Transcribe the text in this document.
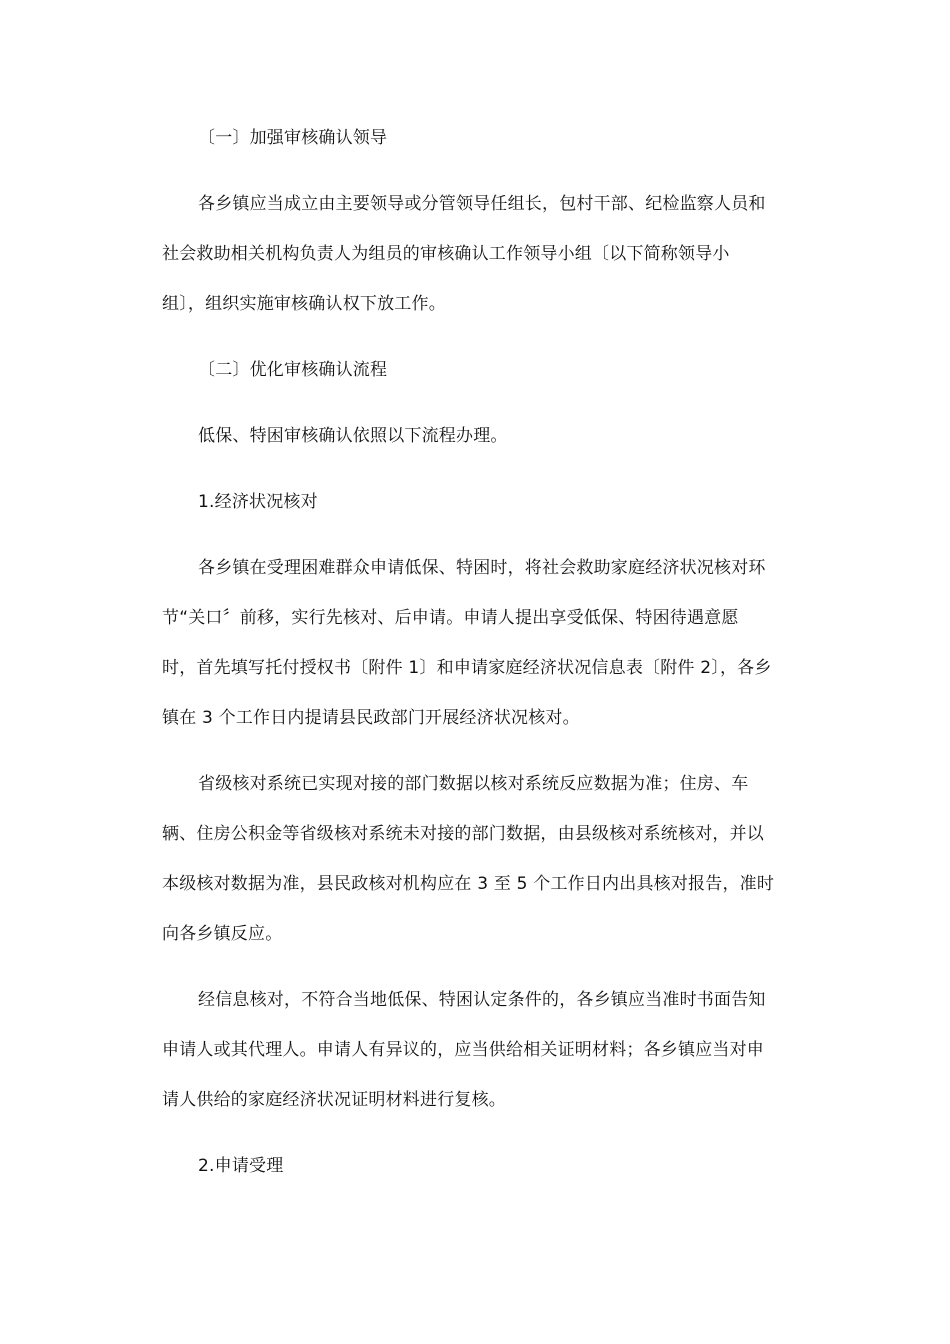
〔一〕加强审核确认领导
各乡镇应当成立由主要领导或分管领导任组长，包村干部、纪检监察人员和
社会救助相关机构负责人为组员的审核确认工作领导小组〔以下简称领导小
组〕，组织实施审核确认权下放工作。
〔二〕优化审核确认流程
低保、特困审核确认依照以下流程办理。
1.经济状况核对
各乡镇在受理困难群众申请低保、特困时，将社会救助家庭经济状况核对环
节“关口〞前移，实行先核对、后申请。申请人提出享受低保、特困待遇意愿
时，首先填写托付授权书〔附件 1〕和申请家庭经济状况信息表〔附件 2〕，各乡
镇在 3 个工作日内提请县民政部门开展经济状况核对。
省级核对系统已实现对接的部门数据以核对系统反应数据为准；住房、车
辆、住房公积金等省级核对系统未对接的部门数据，由县级核对系统核对，并以
本级核对数据为准，县民政核对机构应在 3 至 5 个工作日内出具核对报告，准时
向各乡镇反应。
经信息核对，不符合当地低保、特困认定条件的，各乡镇应当准时书面告知
申请人或其代理人。申请人有异议的，应当供给相关证明材料；各乡镇应当对申
请人供给的家庭经济状况证明材料进行复核。
2.申请受理
